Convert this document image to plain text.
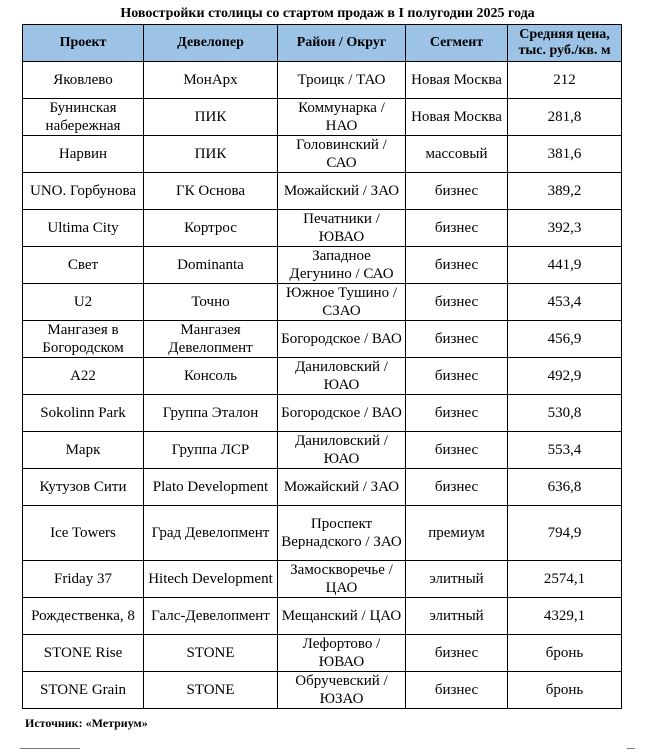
Новостройки столицы со стартом продаж в I полугодии 2025 года
Проект	Девелопер	Район / Округ	Сегмент	Средняя цена, тыс. руб./кв. м
Яковлево	МонАрх	Троицк / ТАО	Новая Москва	212
Бунинская набережная	ПИК	Коммунарка / НАО	Новая Москва	281,8
Нарвин	ПИК	Головинский / САО	массовый	381,6
UNO. Горбунова	ГК Основа	Можайский / ЗАО	бизнес	389,2
Ultima City	Кортрос	Печатники / ЮВАО	бизнес	392,3
Свет	Dominanta	Западное Дегунино / САО	бизнес	441,9
U2	Точно	Южное Тушино / СЗАО	бизнес	453,4
Мангазея в Богородском	Мангазея Девелопмент	Богородское / ВАО	бизнес	456,9
A22	Консоль	Даниловский / ЮАО	бизнес	492,9
Sokolinn Park	Группа Эталон	Богородское / ВАО	бизнес	530,8
Марк	Группа ЛСР	Даниловский / ЮАО	бизнес	553,4
Кутузов Сити	Plato Development	Можайский / ЗАО	бизнес	636,8
Ice Towers	Град Девелопмент	Проспект Вернадского / ЗАО	премиум	794,9
Friday 37	Hitech Development	Замоскворечье / ЦАО	элитный	2574,1
Рождественка, 8	Галс-Девелопмент	Мещанский / ЦАО	элитный	4329,1
STONE Rise	STONE	Лефортово / ЮВАО	бизнес	бронь
STONE Grain	STONE	Обручевский / ЮЗАО	бизнес	бронь
Источник: «Метриум»
